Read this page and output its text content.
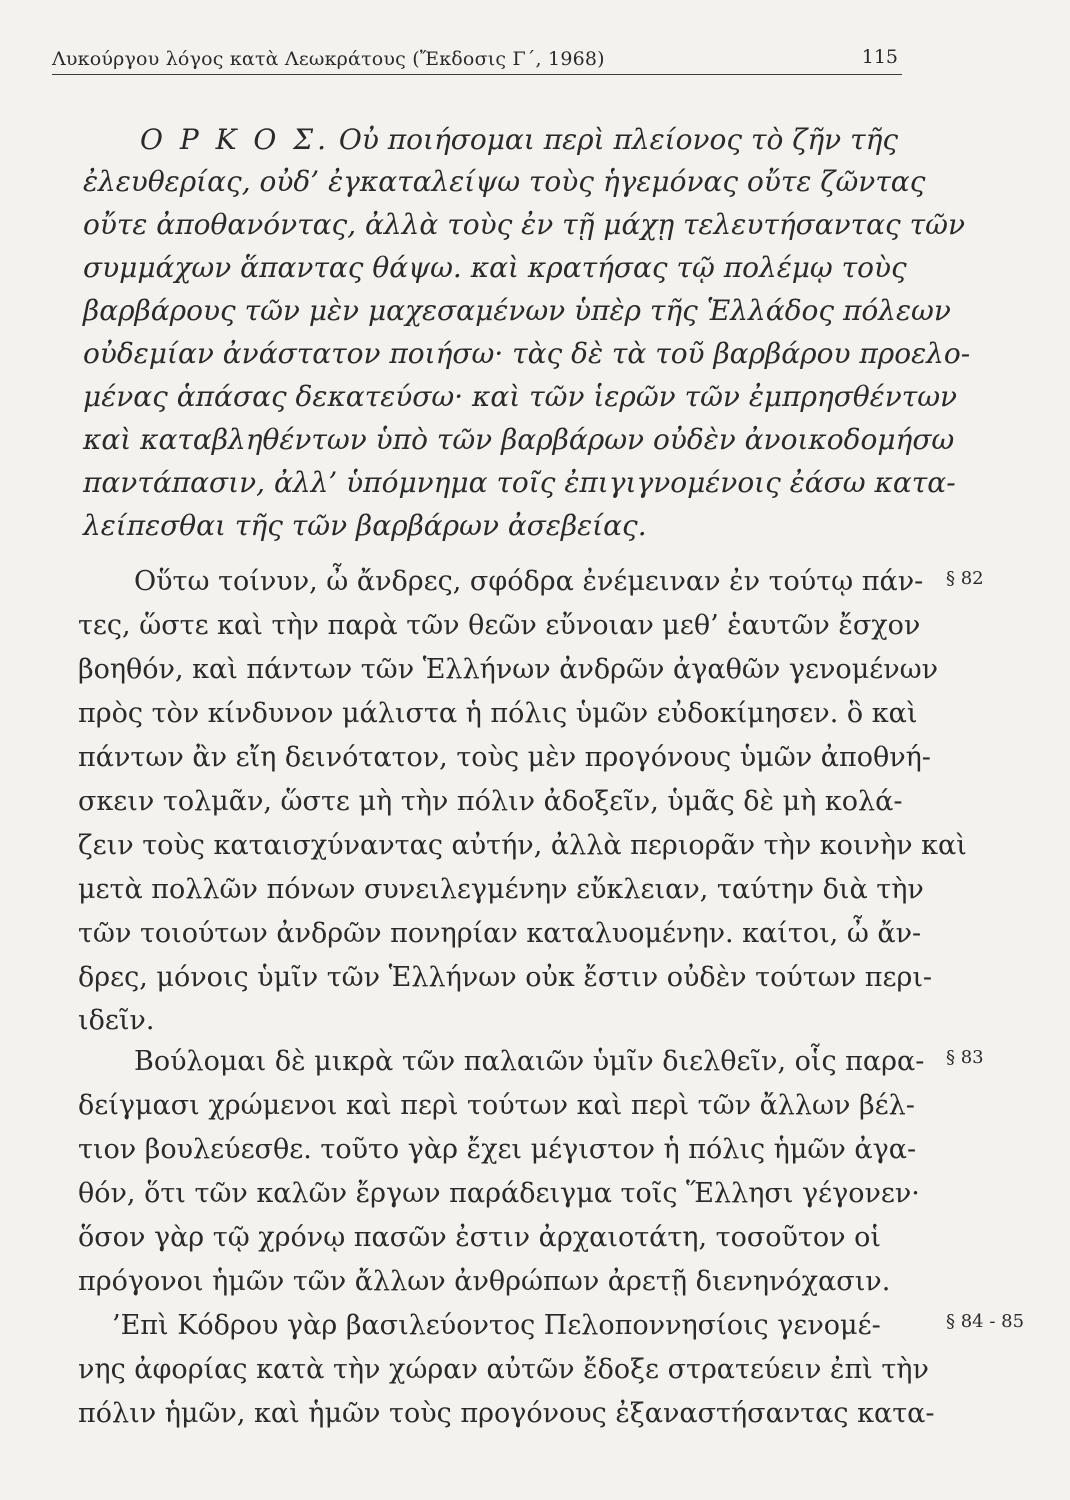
Λυκούργου λόγος κατὰ Λεωκράτους (Ἔκδοσις Γ΄, 1968)	115
Ο Ρ Κ Ο Σ. Οὐ ποιήσομαι περὶ πλείονος τὸ ζῆν τῆς
ἐλευθερίας, οὐδ’ ἐγκαταλείψω τοὺς ἡγεμόνας οὔτε ζῶντας
οὔτε ἀποθανόντας, ἀλλὰ τοὺς ἐν τῇ μάχῃ τελευτήσαντας τῶν
συμμάχων ἅπαντας θάψω. καὶ κρατήσας τῷ πολέμῳ τοὺς
βαρβάρους τῶν μὲν μαχεσαμένων ὑπὲρ τῆς Ἑλλάδος πόλεων
οὐδεμίαν ἀνάστατον ποιήσω· τὰς δὲ τὰ τοῦ βαρβάρου προελο-
μένας ἁπάσας δεκατεύσω· καὶ τῶν ἱερῶν τῶν ἐμπρησθέντων
καὶ καταβληθέντων ὑπὸ τῶν βαρβάρων οὐδὲν ἀνοικοδομήσω
παντάπασιν, ἀλλ’ ὑπόμνημα τοῖς ἐπιγιγνομένοις ἐάσω κατα-
λείπεσθαι τῆς τῶν βαρβάρων ἀσεβείας.
Οὕτω τοίνυν, ὦ ἄνδρες, σφόδρα ἐνέμειναν ἐν τούτῳ πάν-
τες, ὥστε καὶ τὴν παρὰ τῶν θεῶν εὔνοιαν μεθ’ ἑαυτῶν ἔσχον
βοηθόν, καὶ πάντων τῶν Ἑλλήνων ἀνδρῶν ἀγαθῶν γενομένων
πρὸς τὸν κίνδυνον μάλιστα ἡ πόλις ὑμῶν εὐδοκίμησεν. ὃ καὶ
πάντων ἂν εἴη δεινότατον, τοὺς μὲν προγόνους ὑμῶν ἀποθνή-
σκειν τολμᾶν, ὥστε μὴ τὴν πόλιν ἀδοξεῖν, ὑμᾶς δὲ μὴ κολά-
ζειν τοὺς καταισχύναντας αὐτήν, ἀλλὰ περιορᾶν τὴν κοινὴν καὶ
μετὰ πολλῶν πόνων συνειλεγμένην εὔκλειαν, ταύτην διὰ τὴν
τῶν τοιούτων ἀνδρῶν πονηρίαν καταλυομένην. καίτοι, ὦ ἄν-
δρες, μόνοις ὑμῖν τῶν Ἑλλήνων οὐκ ἔστιν οὐδὲν τούτων περι-
ιδεῖν.
Βούλομαι δὲ μικρὰ τῶν παλαιῶν ὑμῖν διελθεῖν, οἷς παρα-
δείγμασι χρώμενοι καὶ περὶ τούτων καὶ περὶ τῶν ἄλλων βέλ-
τιον βουλεύεσθε. τοῦτο γὰρ ἔχει μέγιστον ἡ πόλις ἡμῶν ἀγα-
θόν, ὅτι τῶν καλῶν ἔργων παράδειγμα τοῖς Ἕλλησι γέγονεν·
ὅσον γὰρ τῷ χρόνῳ πασῶν ἐστιν ἀρχαιοτάτη, τοσοῦτον οἱ
πρόγονοι ἡμῶν τῶν ἄλλων ἀνθρώπων ἀρετῇ διενηνόχασιν.
’Επὶ Κόδρου γὰρ βασιλεύοντος Πελοποννησίοις γενομέ-
νης ἀφορίας κατὰ τὴν χώραν αὐτῶν ἔδοξε στρατεύειν ἐπὶ τὴν
πόλιν ἡμῶν, καὶ ἡμῶν τοὺς προγόνους ἐξαναστήσαντας κατα-
§ 82
§ 83
§ 84 - 85
